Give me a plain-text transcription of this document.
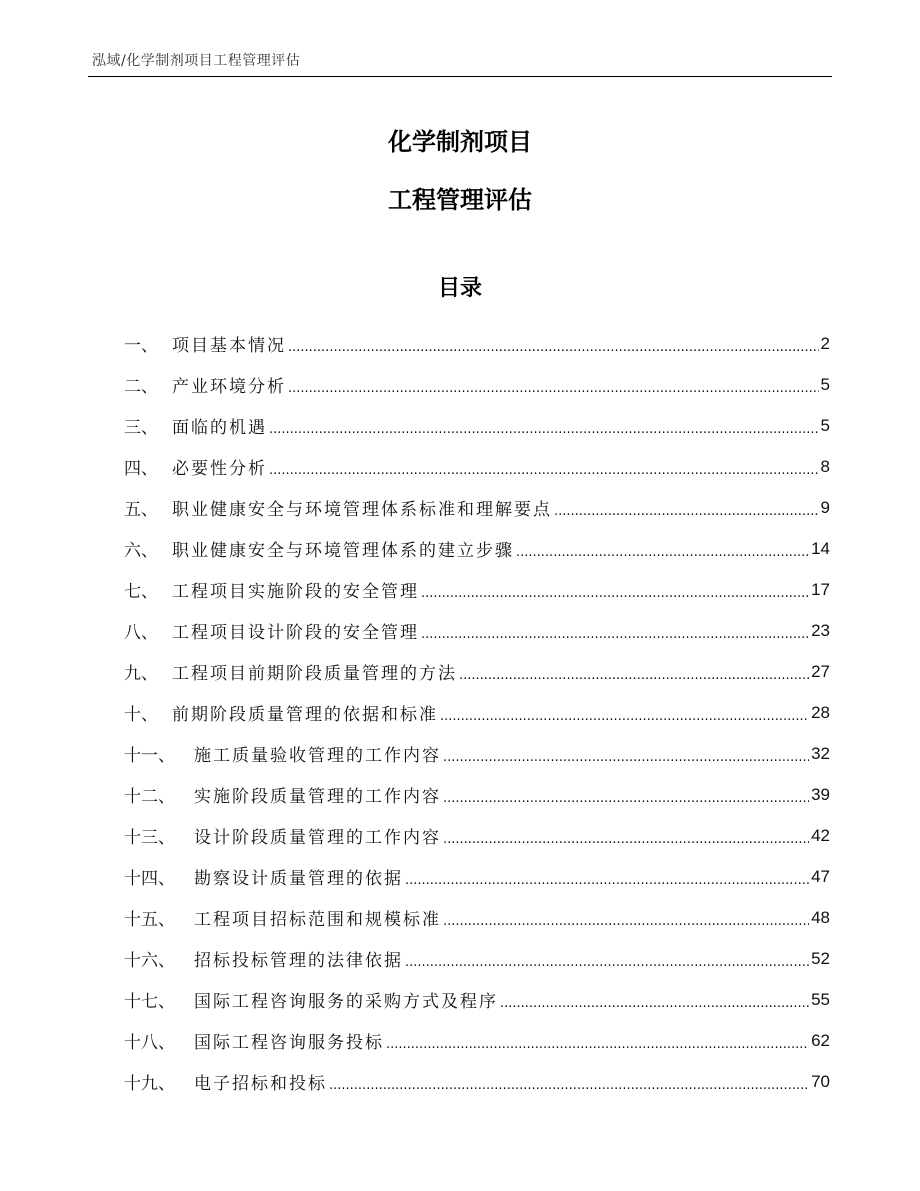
泓域/化学制剂项目工程管理评估
化学制剂项目
工程管理评估
目录
一、 项目基本情况 .....	2
二、 产业环境分析 .....	5
三、 面临的机遇 .....	5
四、 必要性分析 .....	8
五、 职业健康安全与环境管理体系标准和理解要点 .....	9
六、 职业健康安全与环境管理体系的建立步骤 .....	14
七、 工程项目实施阶段的安全管理 .....	17
八、 工程项目设计阶段的安全管理 .....	23
九、 工程项目前期阶段质量管理的方法 .....	27
十、 前期阶段质量管理的依据和标准 .....	28
十一、	施工质量验收管理的工作内容 .....	32
十二、	实施阶段质量管理的工作内容 .....	39
十三、	设计阶段质量管理的工作内容 .....	42
十四、	勘察设计质量管理的依据 .....	47
十五、	工程项目招标范围和规模标准 .....	48
十六、	招标投标管理的法律依据 .....	52
十七、	国际工程咨询服务的采购方式及程序 .....	55
十八、	国际工程咨询服务投标 .....	62
十九、	电子招标和投标 .....	70
